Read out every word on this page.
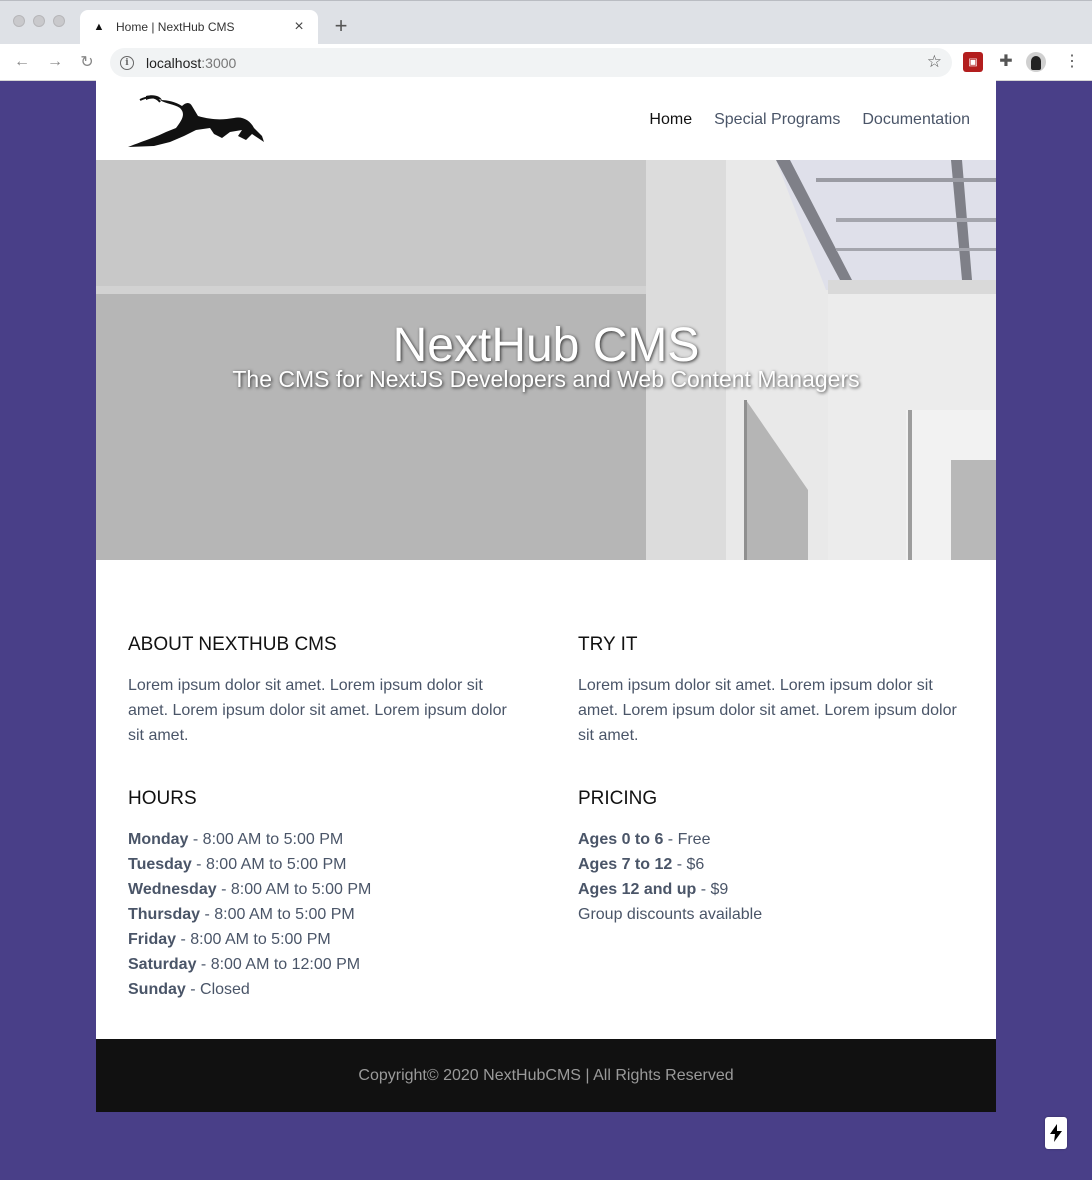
▲ Home | NextHub CMS	× +
← →	↻	i	localhost :3000	☆	▣	✚	⋮
Home Special Programs Documentation
NextHub CMS
The CMS for NextJS Developers and Web Content Managers
ABOUT NEXTHUB CMS

Lorem ipsum dolor sit amet. Lorem ipsum dolor sit amet. Lorem ipsum dolor sit amet. Lorem ipsum dolor sit amet.

HOURS
Monday - 8:00 AM to 5:00 PM
Tuesday - 8:00 AM to 5:00 PM
Wednesday - 8:00 AM to 5:00 PM
Thursday - 8:00 AM to 5:00 PM
Friday - 8:00 AM to 5:00 PM
Saturday - 8:00 AM to 12:00 PM
Sunday - Closed
TRY IT

Lorem ipsum dolor sit amet. Lorem ipsum dolor sit amet. Lorem ipsum dolor sit amet. Lorem ipsum dolor sit amet.

PRICING
Ages 0 to 6 - Free
Ages 7 to 12 - $6
Ages 12 and up - $9
Group discounts available
Copyright© 2020 NextHubCMS | All Rights Reserved
